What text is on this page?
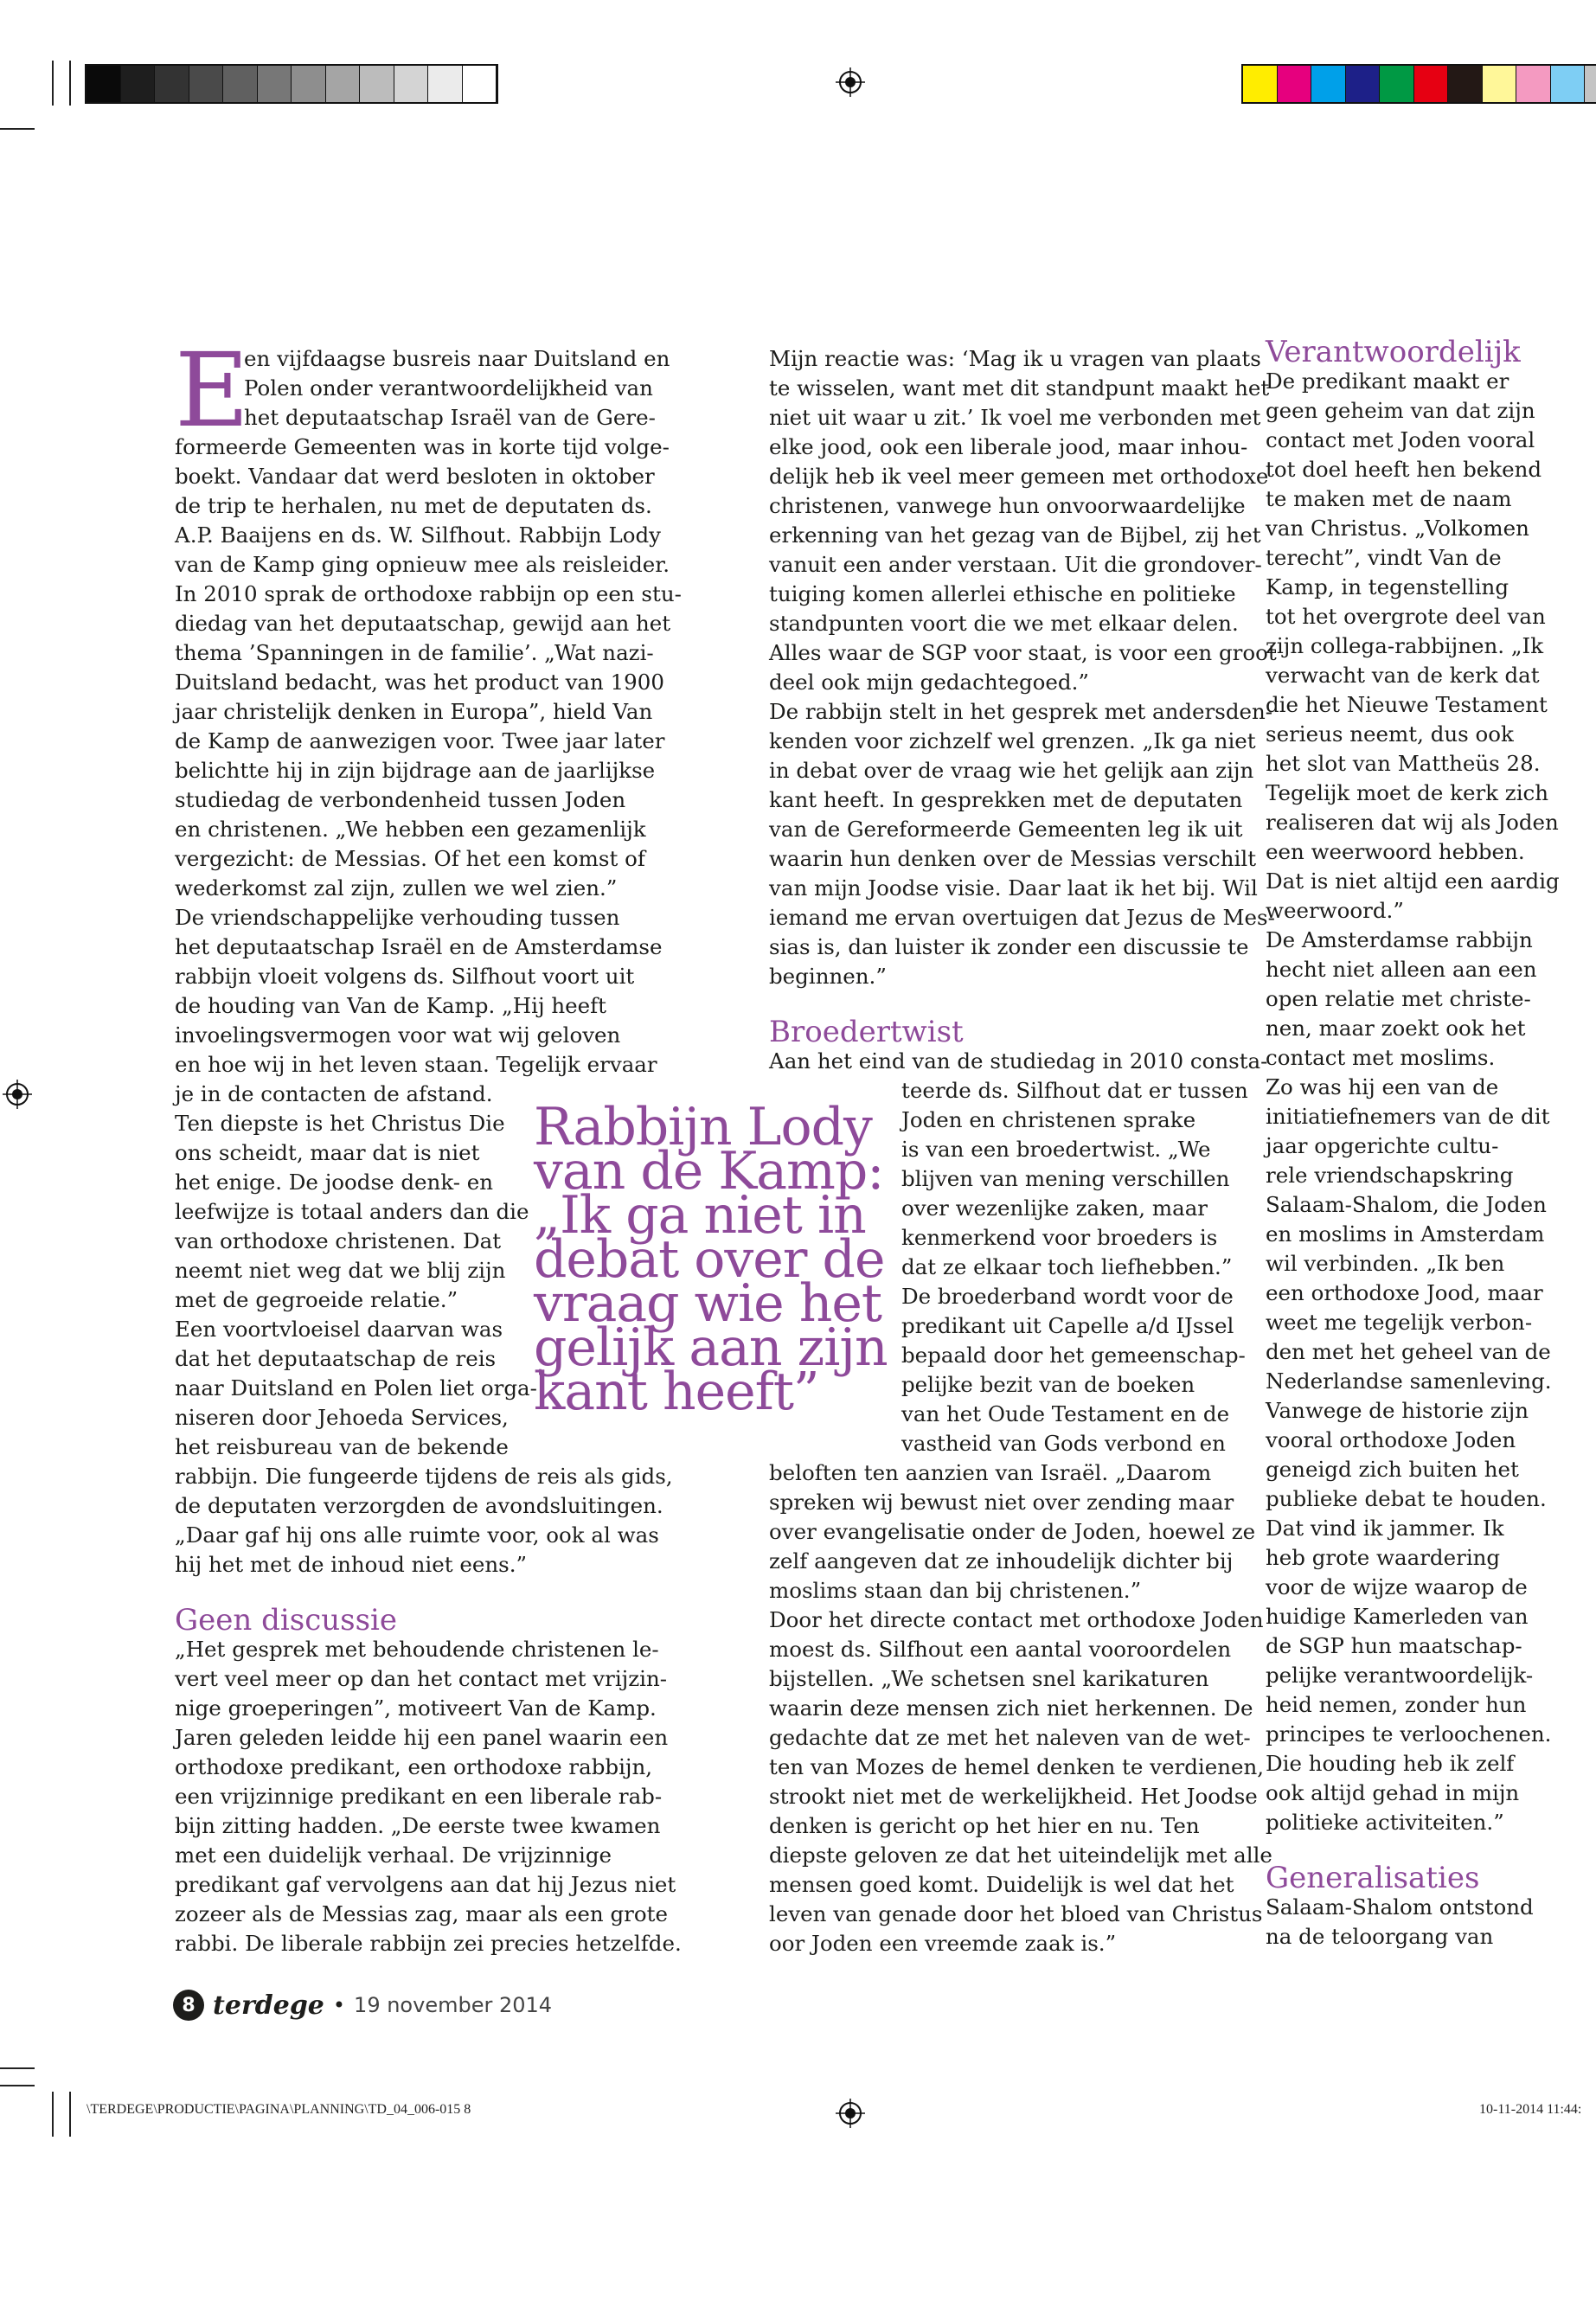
E

en vijfdaagse busreis naar Duitsland en

Polen onder verantwoordelijkheid van

het deputaatschap Israël van de Gere-

formeerde Gemeenten was in korte tijd volge-

boekt. Vandaar dat werd besloten in oktober

de trip te herhalen, nu met de deputaten ds.

A.P. Baaijens en ds. W. Silfhout. Rabbijn Lody

van de Kamp ging opnieuw mee als reisleider.

In 2010 sprak de orthodoxe rabbijn op een stu-

diedag van het deputaatschap, gewijd aan het

thema ’Spanningen in de familie’. „Wat nazi-

Duitsland bedacht, was het product van 1900

jaar christelijk denken in Europa”, hield Van

de Kamp de aanwezigen voor. Twee jaar later

belichtte hij in zijn bijdrage aan de jaarlijkse

studiedag de verbondenheid tussen Joden

en christenen. „We hebben een gezamenlijk

vergezicht: de Messias. Of het een komst of

wederkomst zal zijn, zullen we wel zien.”

De vriendschappelijke verhouding tussen

het deputaatschap Israël en de Amsterdamse

rabbijn vloeit volgens ds. Silfhout voort uit

de houding van Van de Kamp. „Hij heeft

invoelingsvermogen voor wat wij geloven

en hoe wij in het leven staan. Tegelijk ervaar

je in de contacten de afstand.

Ten diepste is het Christus Die

ons scheidt, maar dat is niet

het enige. De joodse denk- en

leefwijze is totaal anders dan die

van orthodoxe christenen. Dat

neemt niet weg dat we blij zijn

met de gegroeide relatie.”

Een voortvloeisel daarvan was

dat het deputaatschap de reis

naar Duitsland en Polen liet orga-

niseren door Jehoeda Services,

het reisbureau van de bekende

rabbijn. Die fungeerde tijdens de reis als gids,

de deputaten verzorgden de avondsluitingen.

„Daar gaf hij ons alle ruimte voor, ook al was

hij het met de inhoud niet eens.”

Geen discussie

„Het gesprek met behoudende christenen le-

vert veel meer op dan het contact met vrijzin-

nige groeperingen”, motiveert Van de Kamp.

Jaren geleden leidde hij een panel waarin een

orthodoxe predikant, een orthodoxe rabbijn,

een vrijzinnige predikant en een liberale rab-

bijn zitting hadden. „De eerste twee kwamen

met een duidelijk verhaal. De vrijzinnige

predikant gaf vervolgens aan dat hij Jezus niet

zozeer als de Messias zag, maar als een grote

rabbi. De liberale rabbijn zei precies hetzelfde.

Mijn reactie was: ‘Mag ik u vragen van plaats

te wisselen, want met dit standpunt maakt het

niet uit waar u zit.’ Ik voel me verbonden met

elke jood, ook een liberale jood, maar inhou-

delijk heb ik veel meer gemeen met orthodoxe

christenen, vanwege hun onvoorwaardelijke

erkenning van het gezag van de Bijbel, zij het

vanuit een ander verstaan. Uit die grondover-

tuiging komen allerlei ethische en politieke

standpunten voort die we met elkaar delen.

Alles waar de SGP voor staat, is voor een groot

deel ook mijn gedachtegoed.”

De rabbijn stelt in het gesprek met andersden-

kenden voor zichzelf wel grenzen. „Ik ga niet

in debat over de vraag wie het gelijk aan zijn

kant heeft. In gesprekken met de deputaten

van de Gereformeerde Gemeenten leg ik uit

waarin hun denken over de Messias verschilt

van mijn Joodse visie. Daar laat ik het bij. Wil

iemand me ervan overtuigen dat Jezus de Mes-

sias is, dan luister ik zonder een discussie te

beginnen.”

Broedertwist

Aan het eind van de studiedag in 2010 consta-

teerde ds. Silfhout dat er tussen

Joden en christenen sprake

is van een broedertwist. „We

blijven van mening verschillen

over wezenlijke zaken, maar

kenmerkend voor broeders is

dat ze elkaar toch liefhebben.”

De broederband wordt voor de

predikant uit Capelle a/d IJssel

bepaald door het gemeenschap-

pelijke bezit van de boeken

van het Oude Testament en de

vastheid van Gods verbond en

beloften ten aanzien van Israël. „Daarom

spreken wij bewust niet over zending maar

over evangelisatie onder de Joden, hoewel ze

zelf aangeven dat ze inhoudelijk dichter bij

moslims staan dan bij christenen.”

Door het directe contact met orthodoxe Joden

moest ds. Silfhout een aantal vooroordelen

bijstellen. „We schetsen snel karikaturen

waarin deze mensen zich niet herkennen. De

gedachte dat ze met het naleven van de wet-

ten van Mozes de hemel denken te verdienen,

strookt niet met de werkelijkheid. Het Joodse

denken is gericht op het hier en nu. Ten

diepste geloven ze dat het uiteindelijk met alle

mensen goed komt. Duidelijk is wel dat het

leven van genade door het bloed van Christus

oor Joden een vreemde zaak is.”

Verantwoordelijk

De predikant maakt er

geen geheim van dat zijn

contact met Joden vooral

tot doel heeft hen bekend

te maken met de naam

van Christus. „Volkomen

terecht”, vindt Van de

Kamp, in tegenstelling

tot het overgrote deel van

zijn collega-rabbijnen. „Ik

verwacht van de kerk dat

die het Nieuwe Testament

serieus neemt, dus ook

het slot van Mattheüs 28.

Tegelijk moet de kerk zich

realiseren dat wij als Joden

een weerwoord hebben.

Dat is niet altijd een aardig

weerwoord.”

De Amsterdamse rabbijn

hecht niet alleen aan een

open relatie met christe-

nen, maar zoekt ook het

contact met moslims.

Zo was hij een van de

initiatiefnemers van de dit

jaar opgerichte cultu-

rele vriendschapskring

Salaam-Shalom, die Joden

en moslims in Amsterdam

wil verbinden. „Ik ben

een orthodoxe Jood, maar

weet me tegelijk verbon-

den met het geheel van de

Nederlandse samenleving.

Vanwege de historie zijn

vooral orthodoxe Joden

geneigd zich buiten het

publieke debat te houden.

Dat vind ik jammer. Ik

heb grote waardering

voor de wijze waarop de

huidige Kamerleden van

de SGP hun maatschap-

pelijke verantwoordelijk-

heid nemen, zonder hun

principes te verloochenen.

Die houding heb ik zelf

ook altijd gehad in mijn

politieke activiteiten.”

Generalisaties

Salaam-Shalom ontstond

na de teloorgang van

Rabbijn Lody

van de Kamp:

„Ik ga niet in

debat over de

vraag wie het

gelijk aan zijn

kant heeft”

8 terdege • 19 november 2014
\TERDEGE\PRODUCTIE\PAGINA\PLANNING\TD_04_006-015 8	10-11-2014 11:44:
